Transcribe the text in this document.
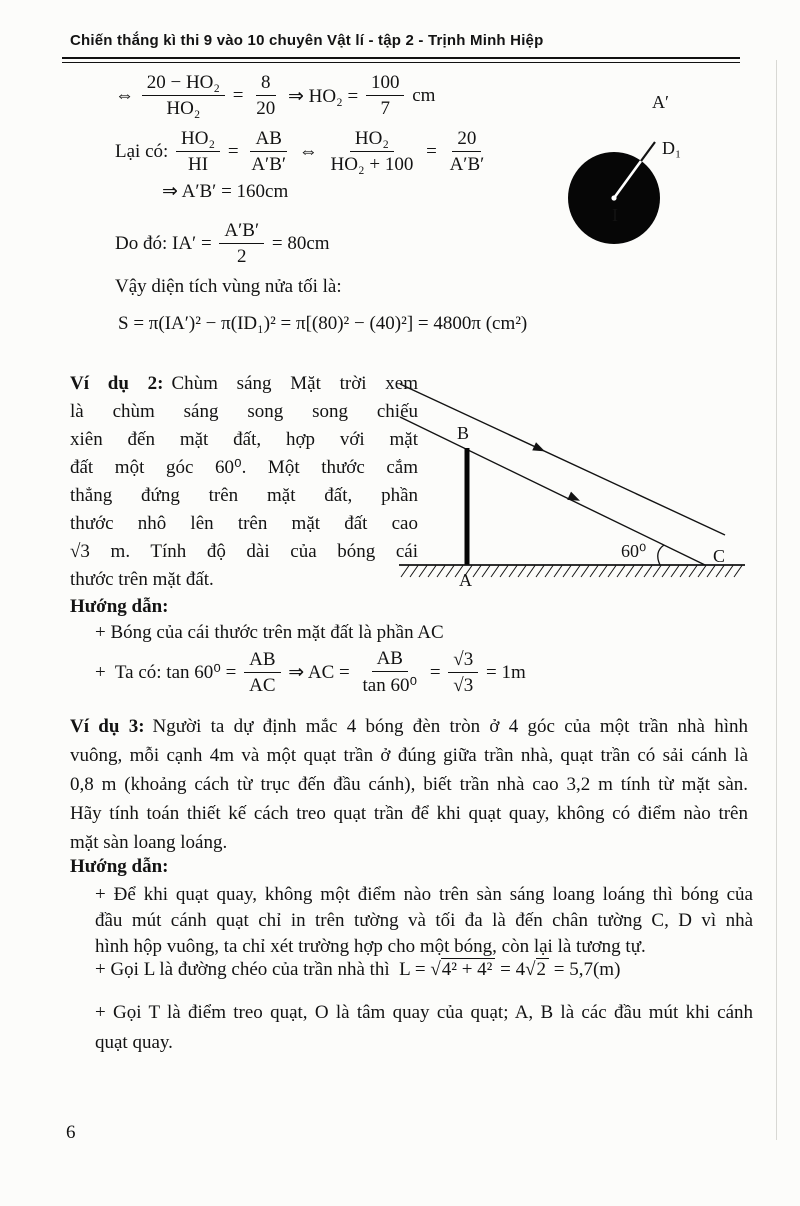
Chiến thắng kì thi 9 vào 10 chuyên Vật lí - tập 2 - Trịnh Minh Hiệp
⇔ $\frac{\text{20 − HO₂}}{\text{HO₂}} = \frac{8}{20}$ ⇒ $HO_2 = \frac{100}{7}$ cm
Lại có: $\frac{\text{HO₂}}{HI} = \frac{AB}{A'B'}$ ⇔ $\frac{\text{HO₂}}{\text{HO₂ + 100}} = \frac{20}{A'B'}$
⇒ A′B′ = 160cm
Do đó: $IA' = \frac{A'B'}{2} = 80cm$
Vậy diện tích vùng nửa tối là:
S = π(IA′)² − π(ID₁)² = π[(80)² − (40)²] = 4800π (cm²)
A′
D₁
I
Ví dụ 2: Chùm sáng Mặt trời xem
là chùm sáng song song chiếu
xiên đến mặt đất, hợp với mặt
đất một góc 60⁰. Một thước cắm
thẳng đứng trên mặt đất, phần
thước nhô lên trên mặt đất cao
√3 m. Tính độ dài của bóng cái
thước trên mặt đất.
B
A
C
60⁰
Hướng dẫn:
+ Bóng của cái thước trên mặt đất là phần AC
+  Ta có: $\tan 60^0 = \frac{AB}{AC}$ ⇒ AC = $\frac{AB}{\text{tan 60⁰}} = \frac{√3}{√3} = 1m$
Ví dụ 3: Người ta dự định mắc 4 bóng đèn tròn ở 4 góc của một trần nhà hình
vuông, mỗi cạnh 4m và một quạt trần ở đúng giữa trần nhà, quạt trần có sải cánh là
0,8 m (khoảng cách từ trục đến đầu cánh), biết trần nhà cao 3,2 m tính từ mặt sàn.
Hãy tính toán thiết kế cách treo quạt trần để khi quạt quay, không có điểm nào trên
mặt sàn loang loáng.
Hướng dẫn:
+ Để khi quạt quay, không một điểm nào trên sàn sáng loang loáng thì bóng của
đầu mút cánh quạt chỉ in trên tường và tối đa là đến chân tường C, D vì nhà
hình hộp vuông, ta chỉ xét trường hợp cho một bóng, còn lại là tương tự.
+ Gọi L là đường chéo của trần nhà thì  L = √ 4² + 4² = 4 √ 2 = 5,7(m)
+ Gọi T là điểm treo quạt, O là tâm quay của quạt; A, B là các đầu mút khi cánh
quạt quay.
6
